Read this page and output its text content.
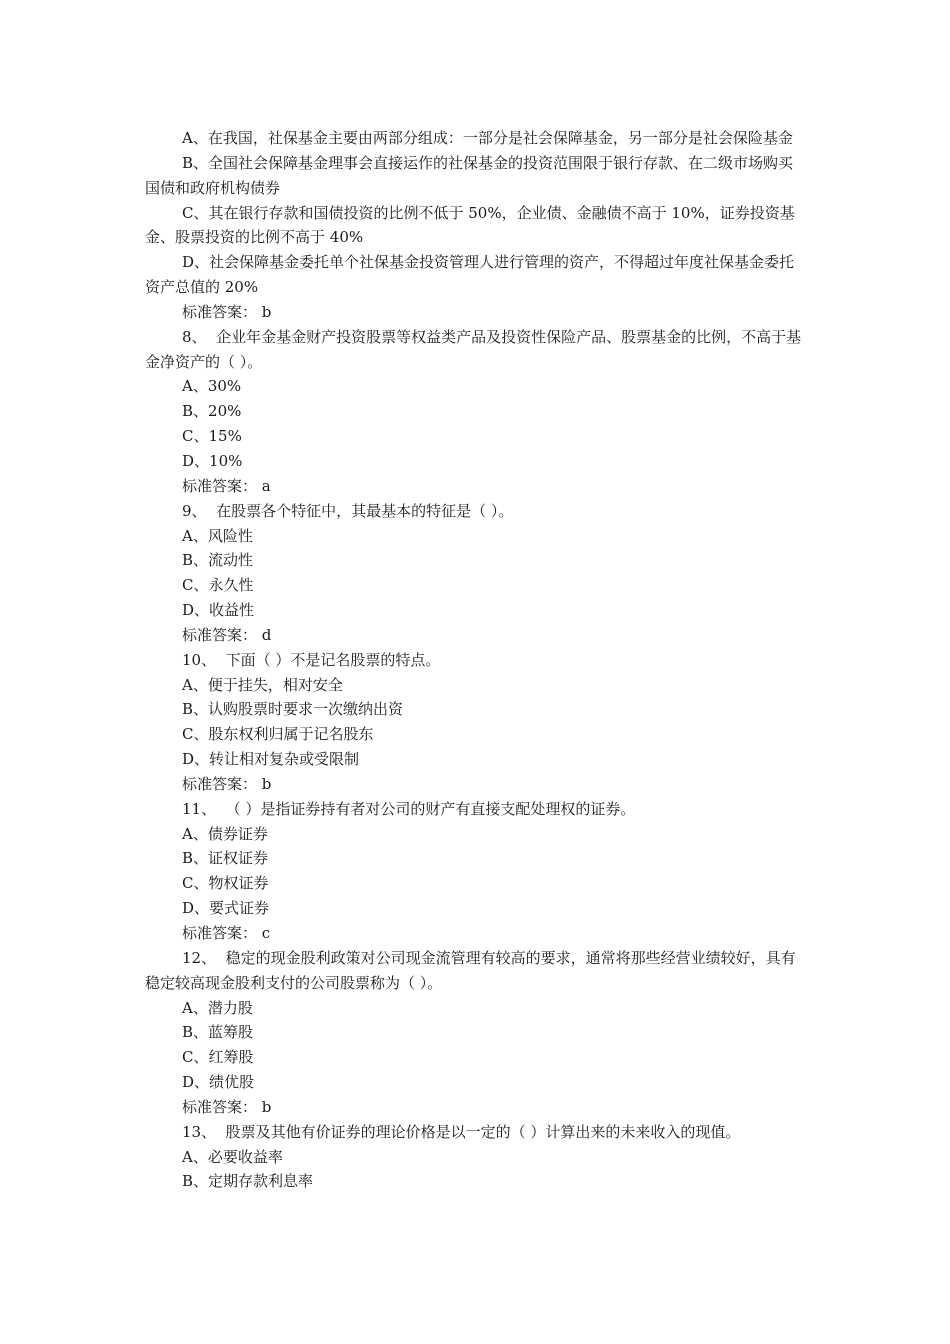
A、在我国，社保基金主要由两部分组成：一部分是社会保障基金，另一部分是社会保险基金
B、全国社会保障基金理事会直接运作的社保基金的投资范围限于银行存款、在二级市场购买国债和政府机构债券
C、其在银行存款和国债投资的比例不低于 50%，企业债、金融债不高于 10%，证券投资基金、股票投资的比例不高于 40%
D、社会保障基金委托单个社保基金投资管理人进行管理的资产，不得超过年度社保基金委托资产总值的 20%
标准答案： b
8、  企业年金基金财产投资股票等权益类产品及投资性保险产品、股票基金的比例，不高于基金净资产的（ ）。
A、30%
B、20%
C、15%
D、10%
标准答案： a
9、  在股票各个特征中，其最基本的特征是（ ）。
A、风险性
B、流动性
C、永久性
D、收益性
标准答案： d
10、  下面（ ）不是记名股票的特点。
A、便于挂失，相对安全
B、认购股票时要求一次缴纳出资
C、股东权利归属于记名股东
D、转让相对复杂或受限制
标准答案： b
11、  （ ）是指证券持有者对公司的财产有直接支配处理权的证券。
A、债券证券
B、证权证券
C、物权证券
D、要式证券
标准答案： c
12、  稳定的现金股利政策对公司现金流管理有较高的要求，通常将那些经营业绩较好，具有稳定较高现金股利支付的公司股票称为（ ）。
A、潜力股
B、蓝筹股
C、红筹股
D、绩优股
标准答案： b
13、  股票及其他有价证券的理论价格是以一定的（ ）计算出来的未来收入的现值。
A、必要收益率
B、定期存款利息率
